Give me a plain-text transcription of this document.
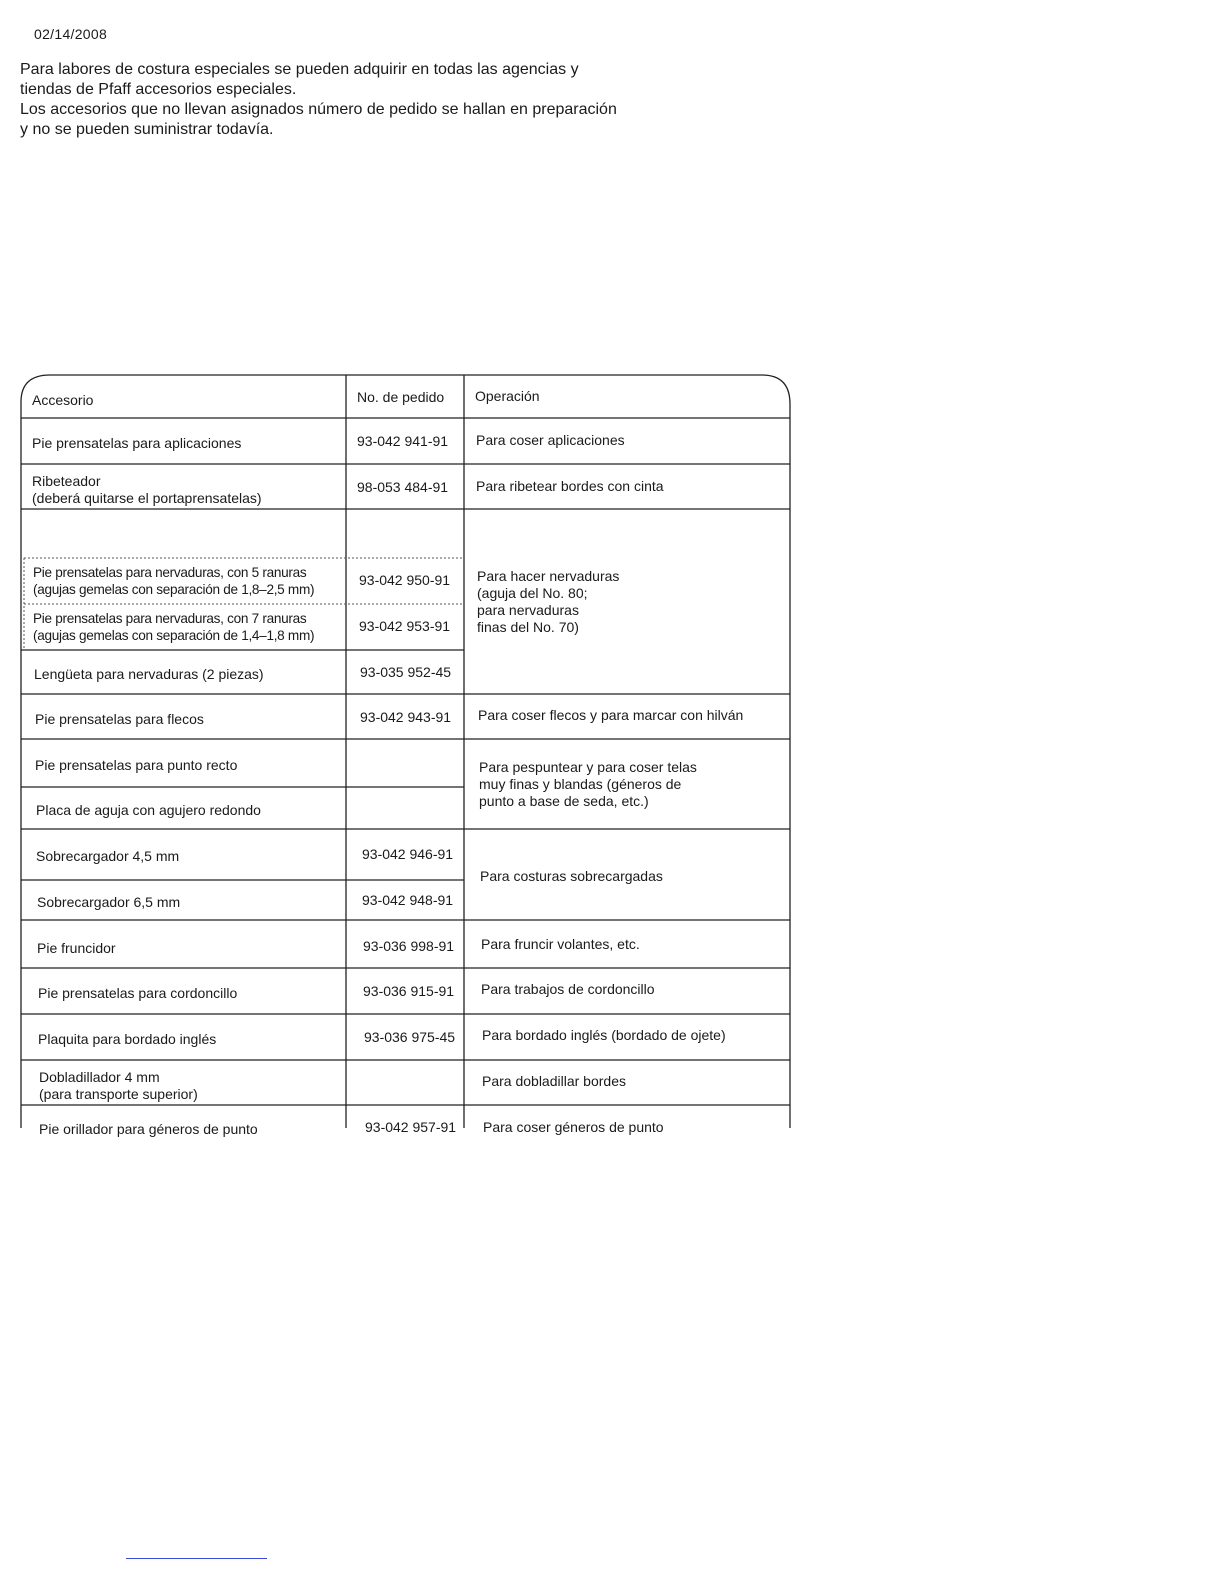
02/14/2008
Para labores de costura especiales se pueden adquirir en todas las agencias y
tiendas de Pfaff accesorios especiales.
Los accesorios que no llevan asignados número de pedido se hallan en preparación
y no se pueden suministrar todavía.
Accesorio	No. de pedido Operación
Pie prensatelas para aplicaciones	93-042 941-91 Para coser aplicaciones
Ribeteador
(deberá quitarse el portaprensatelas)
98-053 484-91 Para ribetear bordes con cinta
Pie prensatelas para nervaduras, con 5 ranuras
(agujas gemelas con separación de 1,8–2,5 mm)
93-042 950-91
Pie prensatelas para nervaduras, con 7 ranuras
(agujas gemelas con separación de 1,4–1,8 mm)
93-042 953-91
Lengüeta para nervaduras (2 piezas)	93-035 952-45
Para hacer nervaduras
(aguja del No. 80;
para nervaduras
finas del No. 70)
Pie prensatelas para flecos	93-042 943-91 Para coser flecos y para marcar con hilván
Pie prensatelas para punto recto
Placa de aguja con agujero redondo
Para pespuntear y para coser telas
muy finas y blandas (géneros de
punto a base de seda, etc.)
Sobrecargador 4,5 mm	93-042 946-91
Sobrecargador 6,5 mm	93-042 948-91
Para costuras sobrecargadas
Pie fruncidor	93-036 998-91 Para fruncir volantes, etc.
Pie prensatelas para cordoncillo	93-036 915-91 Para trabajos de cordoncillo
Plaquita para bordado inglés	93-036 975-45 Para bordado inglés (bordado de ojete)
Dobladillador 4 mm
(para transporte superior)
Para dobladillar bordes
Pie orillador para géneros de punto	93-042 957-91 Para coser géneros de punto
